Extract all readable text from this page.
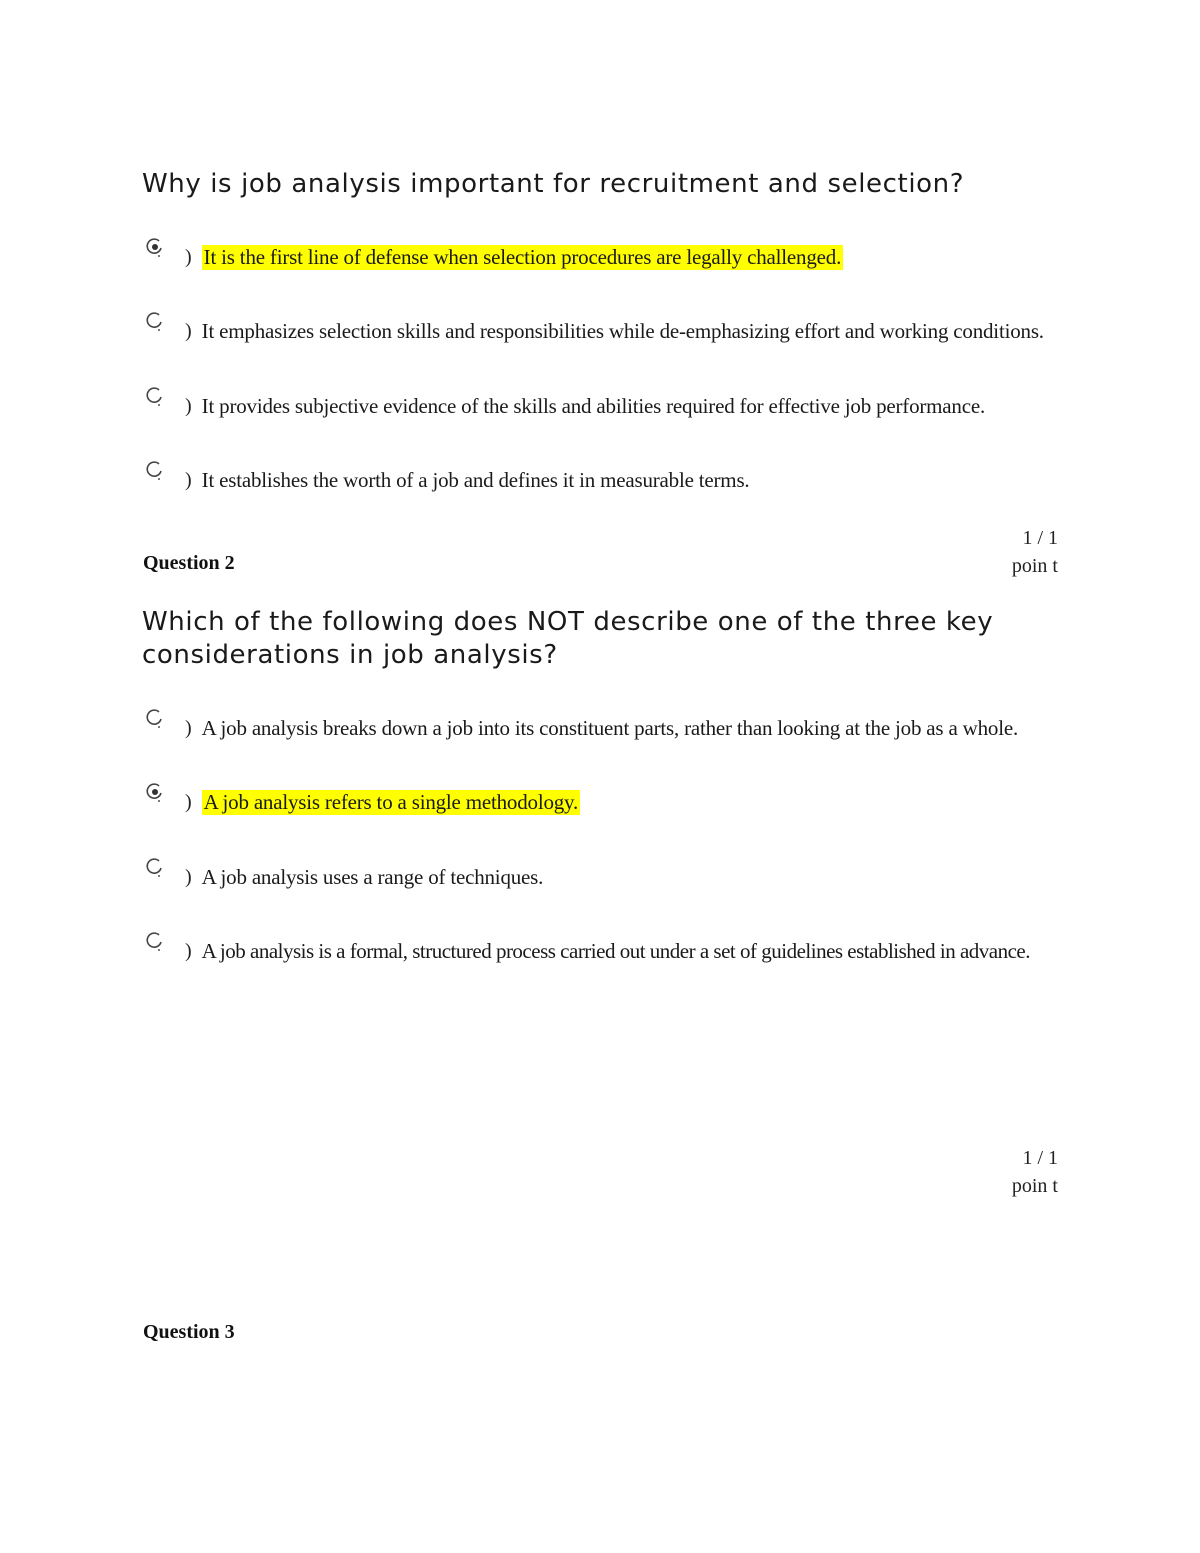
Why is job analysis important for recruitment and selection?
) It is the first line of defense when selection procedures are legally challenged.
) It emphasizes selection skills and responsibilities while de-emphasizing effort and working conditions.
) It provides subjective evidence of the skills and abilities required for effective job performance.
) It establishes the worth of a job and defines it in measurable terms.
Question 2
1 / 1 poin t
Which of the following does NOT describe one of the three key
considerations in job analysis?
) A job analysis breaks down a job into its constituent parts, rather than looking at the job as a whole.
) A job analysis refers to a single methodology.
) A job analysis uses a range of techniques.
) A job analysis is a formal, structured process carried out under a set of guidelines established in advance.
1 / 1 poin t
Question 3
